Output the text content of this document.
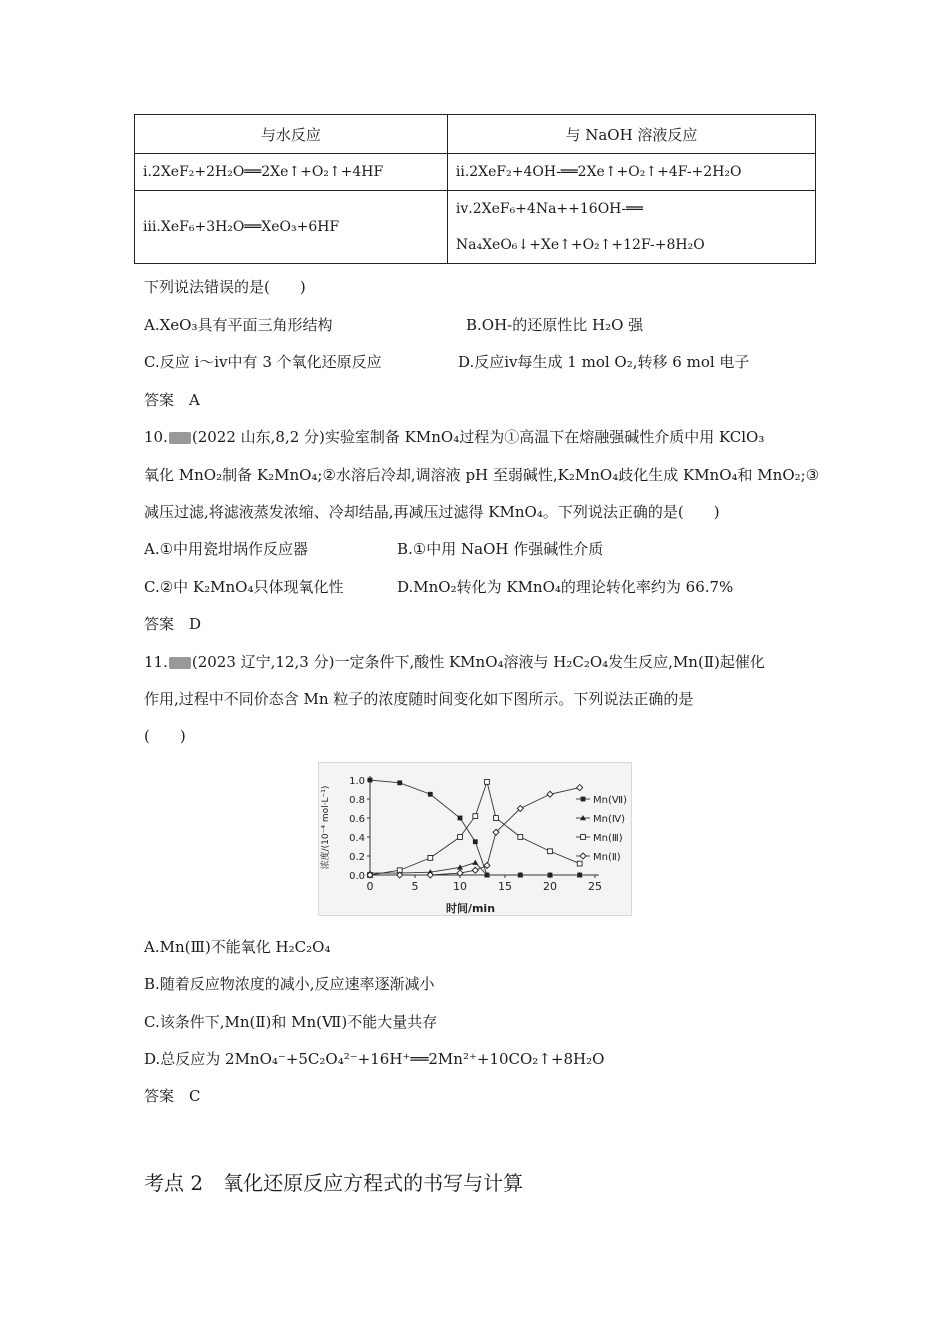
与水反应	与 NaOH 溶液反应
ⅰ.2XeF₂+2H₂O══2Xe↑+O₂↑+4HF	ⅱ.2XeF₂+4OH-══2Xe↑+O₂↑+4F-+2H₂O
ⅲ.XeF₆+3H₂O══XeO₃+6HF	ⅳ.2XeF₆+4Na++16OH-══
Na₄XeO₆↓+Xe↑+O₂↑+12F-+8H₂O
下列说法错误的是(　　)
A.XeO₃具有平面三角形结构	B.OH-的还原性比 H₂O 强
C.反应 ⅰ～ⅳ中有 3 个氧化还原反应	D.反应ⅳ每生成 1 mol O₂,转移 6 mol 电子
答案　A
10. (2022 山东,8,2 分)实验室制备 KMnO₄过程为①高温下在熔融强碱性介质中用 KClO₃
氧化 MnO₂制备 K₂MnO₄;②水溶后冷却,调溶液 pH 至弱碱性,K₂MnO₄歧化生成 KMnO₄和 MnO₂;③
减压过滤,将滤液蒸发浓缩、冷却结晶,再减压过滤得 KMnO₄。下列说法正确的是(　　)
A.①中用瓷坩埚作反应器	B.①中用 NaOH 作强碱性介质
C.②中 K₂MnO₄只体现氧化性	D.MnO₂转化为 KMnO₄的理论转化率约为 66.7%
答案　D
11. (2023 辽宁,12,3 分)一定条件下,酸性 KMnO₄溶液与 H₂C₂O₄发生反应,Mn(Ⅱ)起催化
作用,过程中不同价态含 Mn 粒子的浓度随时间变化如下图所示。下列说法正确的是
(　　)
0	5	10	15	20	25
0.0
0.2
0.4
0.6
0.8
1.0
时间/min
浓度/(10⁻⁴ mol·L⁻¹)	Mn(Ⅶ)
Mn(Ⅳ)
Mn(Ⅲ)
Mn(Ⅱ)
A.Mn(Ⅲ)不能氧化 H₂C₂O₄
B.随着反应物浓度的减小,反应速率逐渐减小
C.该条件下,Mn(Ⅱ)和 Mn(Ⅶ)不能大量共存
D.总反应为 2MnO₄⁻+5C₂O₄²⁻+16H⁺══2Mn²⁺+10CO₂↑+8H₂O
答案　C
考点 2　氧化还原反应方程式的书写与计算
